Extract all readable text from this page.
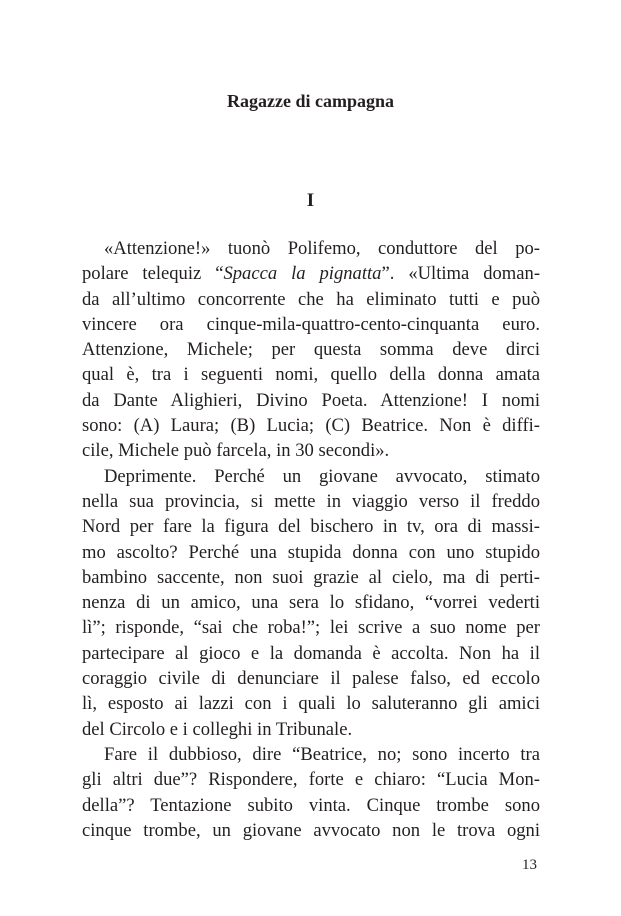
Ragazze di campagna
I
«Attenzione!» tuonò Polifemo, conduttore del po-
polare telequiz “Spacca la pignatta”. «Ultima doman-
da all’ultimo concorrente che ha eliminato tutti e può
vincere ora cinque-mila-quattro-cento-cinquanta euro.
Attenzione, Michele; per questa somma deve dirci
qual è, tra i seguenti nomi, quello della donna amata
da Dante Alighieri, Divino Poeta. Attenzione! I nomi
sono: (A) Laura; (B) Lucia; (C) Beatrice. Non è diffi-
cile, Michele può farcela, in 30 secondi».
Deprimente. Perché un giovane avvocato, stimato
nella sua provincia, si mette in viaggio verso il freddo
Nord per fare la figura del bischero in tv, ora di massi-
mo ascolto? Perché una stupida donna con uno stupido
bambino saccente, non suoi grazie al cielo, ma di perti-
nenza di un amico, una sera lo sfidano, “vorrei vederti
lì”; risponde, “sai che roba!”; lei scrive a suo nome per
partecipare al gioco e la domanda è accolta. Non ha il
coraggio civile di denunciare il palese falso, ed eccolo
lì, esposto ai lazzi con i quali lo saluteranno gli amici
del Circolo e i colleghi in Tribunale.
Fare il dubbioso, dire “Beatrice, no; sono incerto tra
gli altri due”? Rispondere, forte e chiaro: “Lucia Mon-
della”? Tentazione subito vinta. Cinque trombe sono
cinque trombe, un giovane avvocato non le trova ogni
13
